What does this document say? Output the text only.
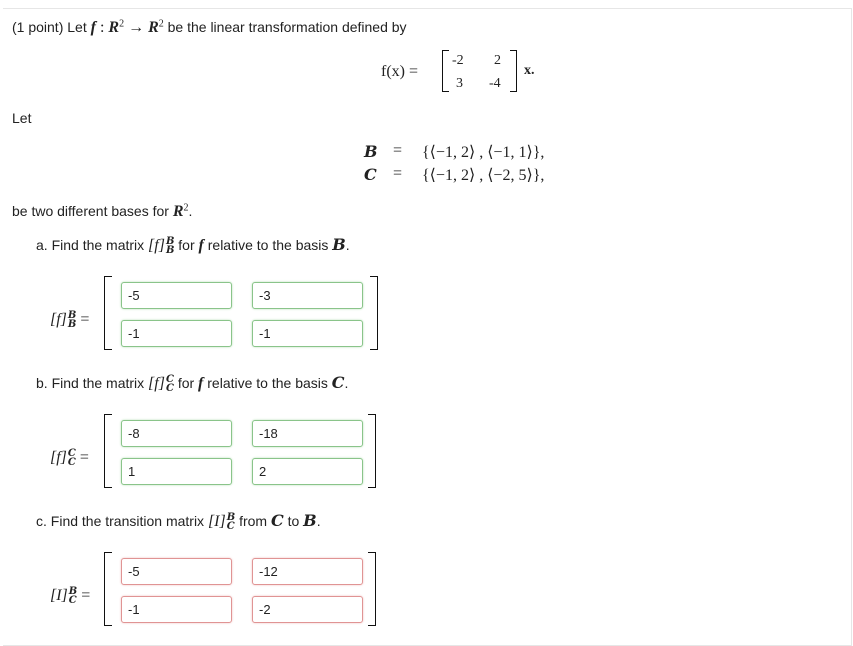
(1 point) Let f : $R^2 \to R^2$ be the linear transformation defined by
f(x) =
-2 2
3 -4
x.
Let
B = {⟨−1, 2⟩ , ⟨−1, 1⟩},
C = {⟨−1, 2⟩ , ⟨−2, 5⟩},
be two different bases for $R^2$.
a. Find the matrix [f] B
B for f relative to the basis B.
[f] B
B =
-5
-3
-1
-1
b. Find the matrix [f] C
C for f relative to the basis C.
[f] C
C =
-8
-18
1
2
c. Find the transition matrix [I] B
C from C to B.
[I] B
C =
-5
-12
-1
-2
